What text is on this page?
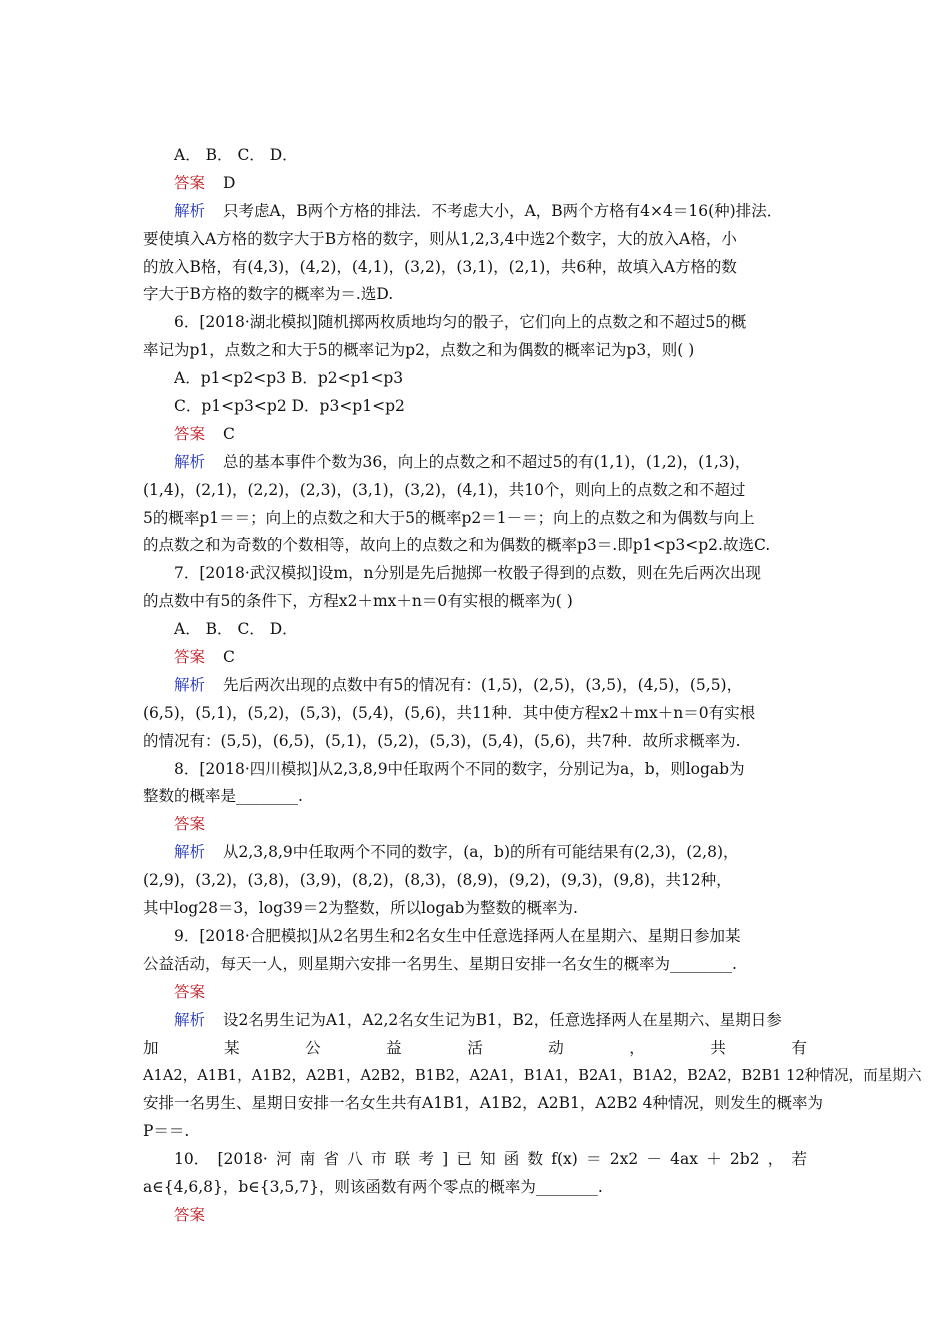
A． B． C． D．
答案 D
解析 只考虑A，B两个方格的排法．不考虑大小，A，B两个方格有4×4＝16(种)排法．
要使填入A方格的数字大于B方格的数字，则从1,2,3,4中选2个数字，大的放入A格，小
的放入B格，有(4,3)，(4,2)，(4,1)，(3,2)，(3,1)，(2,1)，共6种，故填入A方格的数
字大于B方格的数字的概率为＝.选D.
6．[2018·湖北模拟]随机掷两枚质地均匀的骰子，它们向上的点数之和不超过5的概
率记为p1，点数之和大于5的概率记为p2，点数之和为偶数的概率记为p3，则( )
A．p1<p2<p3 B．p2<p1<p3
C．p1<p3<p2 D．p3<p1<p2
答案 C
解析 总的基本事件个数为36，向上的点数之和不超过5的有(1,1)，(1,2)，(1,3)，
(1,4)，(2,1)，(2,2)，(2,3)，(3,1)，(3,2)，(4,1)，共10个，则向上的点数之和不超过
5的概率p1＝＝；向上的点数之和大于5的概率p2＝1－＝；向上的点数之和为偶数与向上
的点数之和为奇数的个数相等，故向上的点数之和为偶数的概率p3＝.即p1<p3<p2.故选C.
7．[2018·武汉模拟]设m，n分别是先后抛掷一枚骰子得到的点数，则在先后两次出现
的点数中有5的条件下，方程x2＋mx＋n＝0有实根的概率为( )
A． B． C． D．
答案 C
解析 先后两次出现的点数中有5的情况有：(1,5)，(2,5)，(3,5)，(4,5)，(5,5)，
(6,5)，(5,1)，(5,2)，(5,3)，(5,4)，(5,6)，共11种．其中使方程x2＋mx＋n＝0有实根
的情况有：(5,5)，(6,5)，(5,1)，(5,2)，(5,3)，(5,4)，(5,6)，共7种．故所求概率为.
8．[2018·四川模拟]从2,3,8,9中任取两个不同的数字，分别记为a，b，则logab为
整数的概率是________.
答案
解析 从2,3,8,9中任取两个不同的数字，(a，b)的所有可能结果有(2,3)，(2,8)，
(2,9)，(3,2)，(3,8)，(3,9)，(8,2)，(8,3)，(8,9)，(9,2)，(9,3)，(9,8)，共12种，
其中log28＝3，log39＝2为整数，所以logab为整数的概率为.
9．[2018·合肥模拟]从2名男生和2名女生中任意选择两人在星期六、星期日参加某
公益活动，每天一人，则星期六安排一名男生、星期日安排一名女生的概率为________.
答案
解析 设2名男生记为A1，A2,2名女生记为B1，B2，任意选择两人在星期六、星期日参
加	某	公	益	活	动	，	共	有
A1A2，A1B1，A1B2，A2B1，A2B2，B1B2，A2A1，B1A1，B2A1，B1A2，B2A2，B2B1 12种情况，而星期六
安排一名男生、星期日安排一名女生共有A1B1，A1B2，A2B1，A2B2 4种情况，则发生的概率为
P＝＝.
10． [2018· 河 南 省 八 市 联 考 ] 已 知 函 数 f(x) ＝ 2x2 － 4ax ＋ 2b2 ， 若
a∈{4,6,8}，b∈{3,5,7}，则该函数有两个零点的概率为________.
答案
